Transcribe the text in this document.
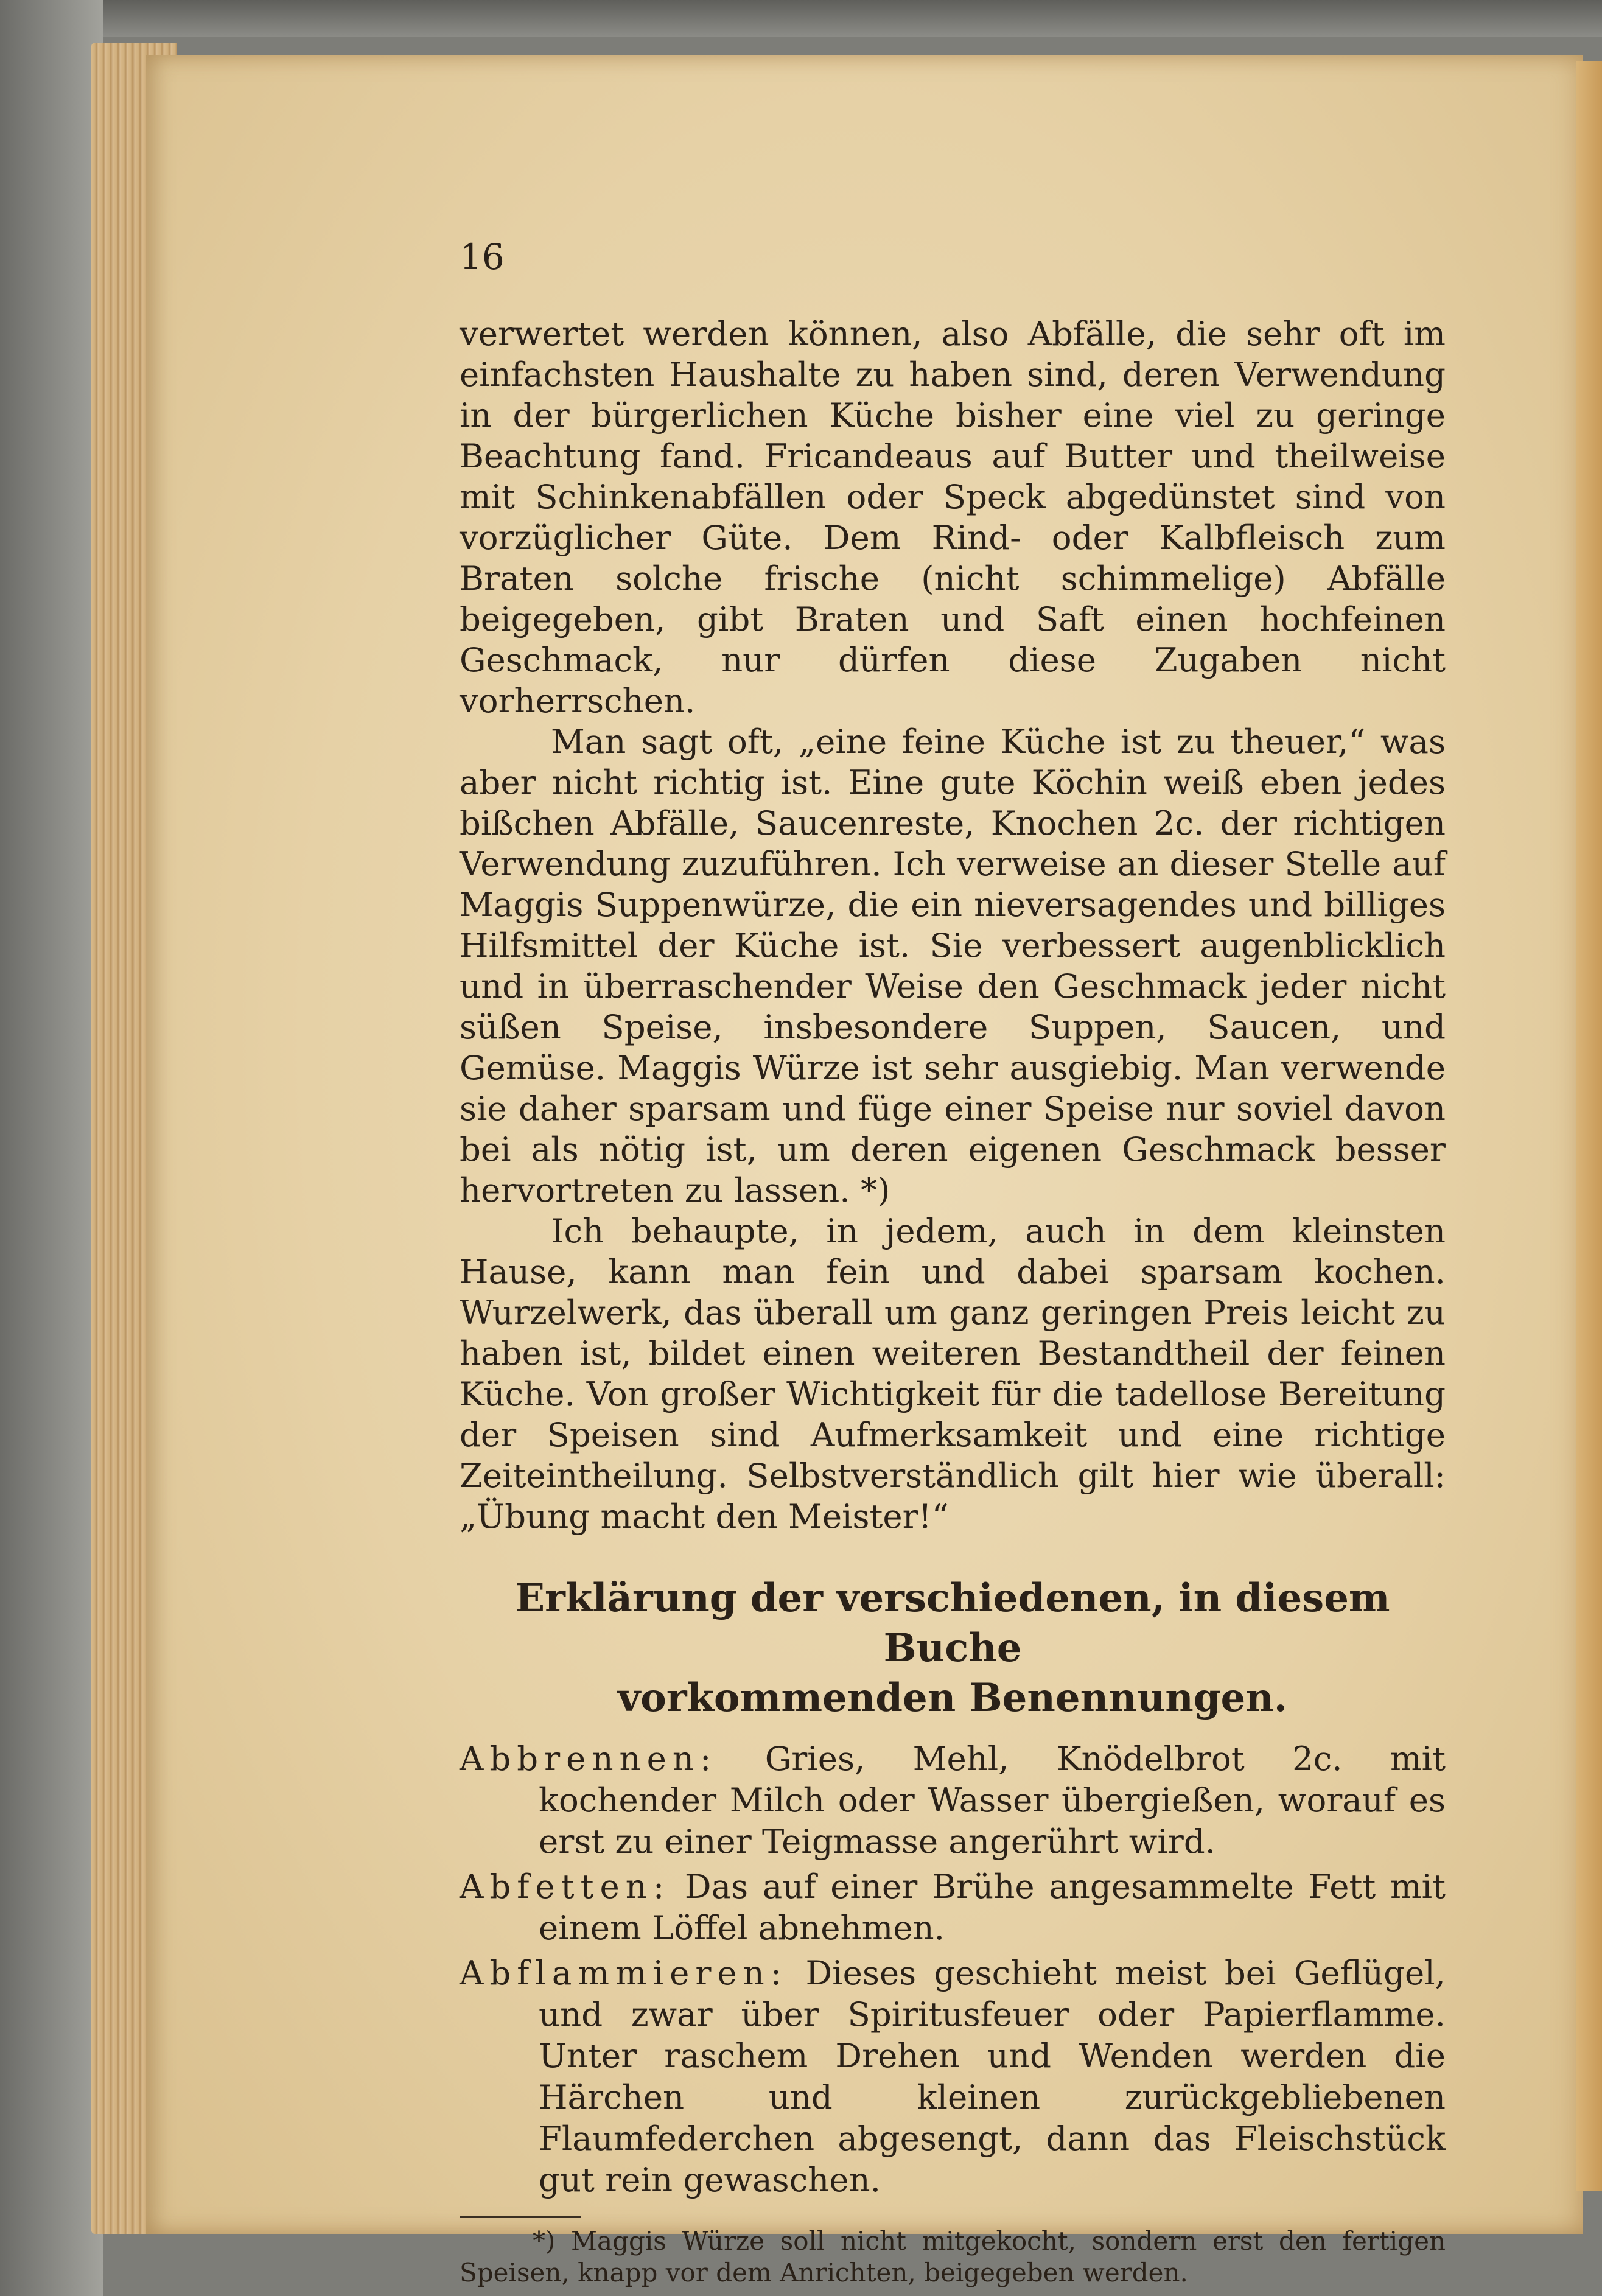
16

verwertet werden können, also Abfälle, die sehr oft im einfachsten Haushalte zu haben sind, deren Verwendung in der bürgerlichen Küche bisher eine viel zu geringe Beachtung fand. Fricandeaus auf Butter und theilweise mit Schinkenabfällen oder Speck abgedünstet sind von vorzüglicher Güte. Dem Rind- oder Kalbfleisch zum Braten solche frische (nicht schimmelige) Abfälle beigegeben, gibt Braten und Saft einen hochfeinen Geschmack, nur dürfen diese Zugaben nicht vorherrschen.

Man sagt oft, „eine feine Küche ist zu theuer,“ was aber nicht richtig ist. Eine gute Köchin weiß eben jedes bißchen Abfälle, Saucenreste, Knochen 2c. der richtigen Verwendung zuzuführen. Ich verweise an dieser Stelle auf Maggis Suppenwürze, die ein nieversagendes und billiges Hilfsmittel der Küche ist. Sie verbessert augenblicklich und in überraschender Weise den Geschmack jeder nicht süßen Speise, insbesondere Suppen, Saucen, und Gemüse. Maggis Würze ist sehr ausgiebig. Man verwende sie daher sparsam und füge einer Speise nur soviel davon bei als nötig ist, um deren eigenen Geschmack besser hervortreten zu lassen. *)

Ich behaupte, in jedem, auch in dem kleinsten Hause, kann man fein und dabei sparsam kochen. Wurzelwerk, das überall um ganz geringen Preis leicht zu haben ist, bildet einen weiteren Bestandtheil der feinen Küche. Von großer Wichtigkeit für die tadellose Bereitung der Speisen sind Aufmerksamkeit und eine richtige Zeiteintheilung. Selbstverständlich gilt hier wie überall: „Übung macht den Meister!“

Erklärung der verschiedenen, in diesem Buche
vorkommenden Benennungen.

Abbrennen: Gries, Mehl, Knödelbrot 2c. mit kochender Milch oder Wasser übergießen, worauf es erst zu einer Teigmasse angerührt wird.

Abfetten: Das auf einer Brühe angesammelte Fett mit einem Löffel abnehmen.

Abflammieren: Dieses geschieht meist bei Geflügel, und zwar über Spiritusfeuer oder Papierflamme. Unter raschem Drehen und Wenden werden die Härchen und kleinen zurückgebliebenen Flaumfederchen abgesengt, dann das Fleischstück gut rein gewaschen.

*) Maggis Würze soll nicht mitgekocht, sondern erst den fertigen Speisen, knapp vor dem Anrichten, beigegeben werden.
